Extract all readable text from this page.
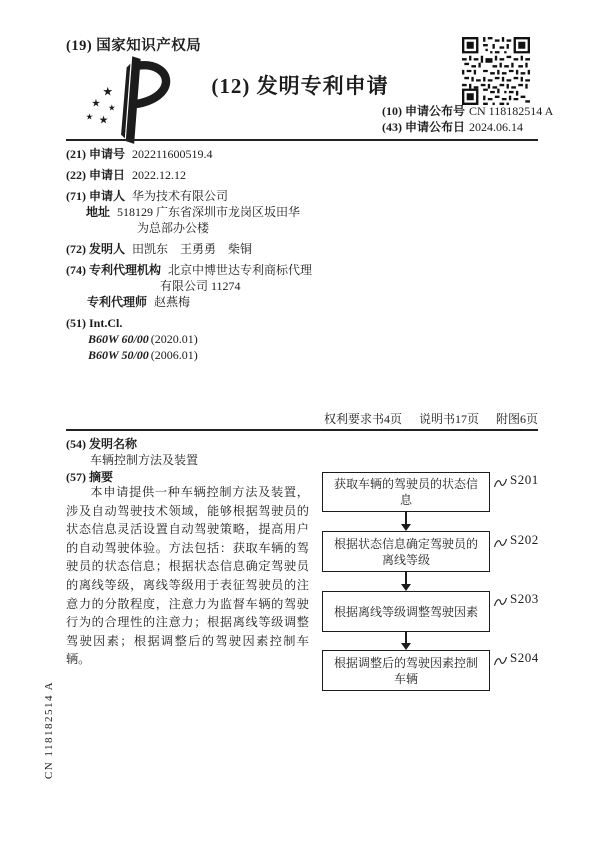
(19) 国家知识产权局
★
★ ★
★ ★
(12) 发明专利申请
(10) 申请公布号 CN 118182514 A
(43) 申请公布日 2024.06.14
(21) 申请号 202211600519.4
(22) 申请日 2022.12.12
(71) 申请人 华为技术有限公司
地址 518129 广东省深圳市龙岗区坂田华
为总部办公楼
(72) 发明人 田凯东　王勇勇　柴铜
(74) 专利代理机构 北京中博世达专利商标代理
有限公司 11274
专利代理师 赵燕梅
(51) Int.Cl.
B60W 60/00 (2020.01)
B60W 50/00 (2006.01)
权利要求书4页 说明书17页 附图6页
(54) 发明名称
车辆控制方法及装置
(57) 摘要
本申请提供一种车辆控制方法及装置，涉及自动驾驶技术领域，能够根据驾驶员的状态信息灵活设置自动驾驶策略，提高用户的自动驾驶体验。方法包括：获取车辆的驾驶员的状态信息；根据状态信息确定驾驶员的离线等级，离线等级用于表征驾驶员的注意力的分散程度，注意力为监督车辆的驾驶行为的合理性的注意力；根据离线等级调整驾驶因素；根据调整后的驾驶因素控制车辆。
获取车辆的驾驶员的状态信息
根据状态信息确定驾驶员的离线等级
根据离线等级调整驾驶因素
根据调整后的驾驶因素控制车辆
S201
S202
S203
S204
CN 118182514 A
